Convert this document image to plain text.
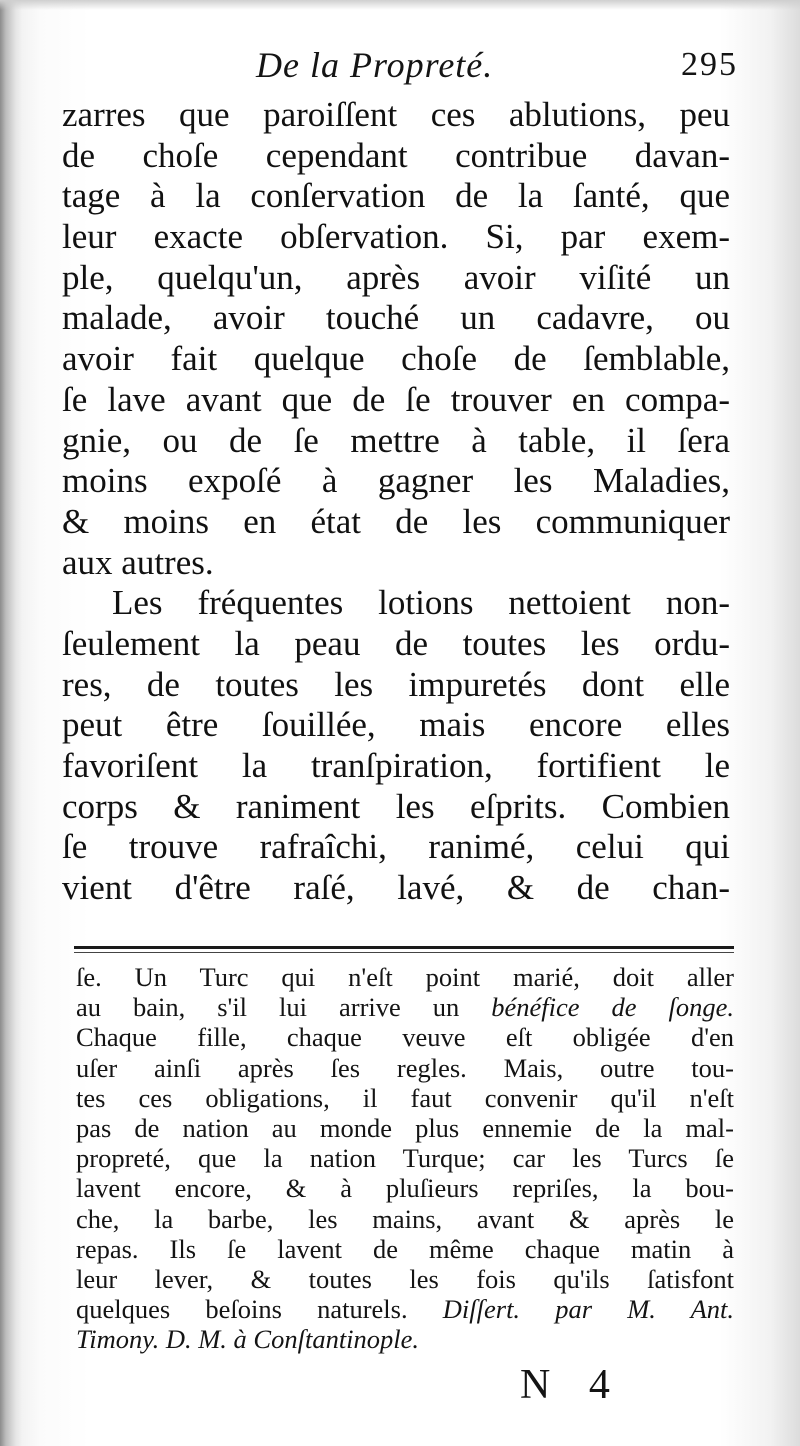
De la Propreté.	295
zarres que paroiſſent ces ablutions, peu
de choſe cependant contribue davan-
tage à la conſervation de la ſanté, que
leur exacte obſervation. Si, par exem-
ple, quelqu'un, après avoir viſité un
malade, avoir touché un cadavre, ou
avoir fait quelque choſe de ſemblable,
ſe lave avant que de ſe trouver en compa-
gnie, ou de ſe mettre à table, il ſera
moins expoſé à gagner les Maladies,
& moins en état de les communiquer
aux autres.
Les fréquentes lotions nettoient non-
ſeulement la peau de toutes les ordu-
res, de toutes les impuretés dont elle
peut être ſouillée, mais encore elles
favoriſent la tranſpiration, fortifient le
corps & raniment les eſprits. Combien
ſe trouve rafraîchi, ranimé, celui qui
vient d'être raſé, lavé, & de chan-
ſe. Un Turc qui n'eſt point marié, doit aller
au bain, s'il lui arrive un bénéfice de ſonge.
Chaque fille, chaque veuve eſt obligée d'en
uſer ainſi après ſes regles. Mais, outre tou-
tes ces obligations, il faut convenir qu'il n'eſt
pas de nation au monde plus ennemie de la mal-
propreté, que la nation Turque; car les Turcs ſe
lavent encore, & à pluſieurs repriſes, la bou-
che, la barbe, les mains, avant & après le
repas. Ils ſe lavent de même chaque matin à
leur lever, & toutes les fois qu'ils ſatisfont
quelques beſoins naturels. Diſſert. par M. Ant.
Timony. D. M. à Conſtantinople.
N 4
